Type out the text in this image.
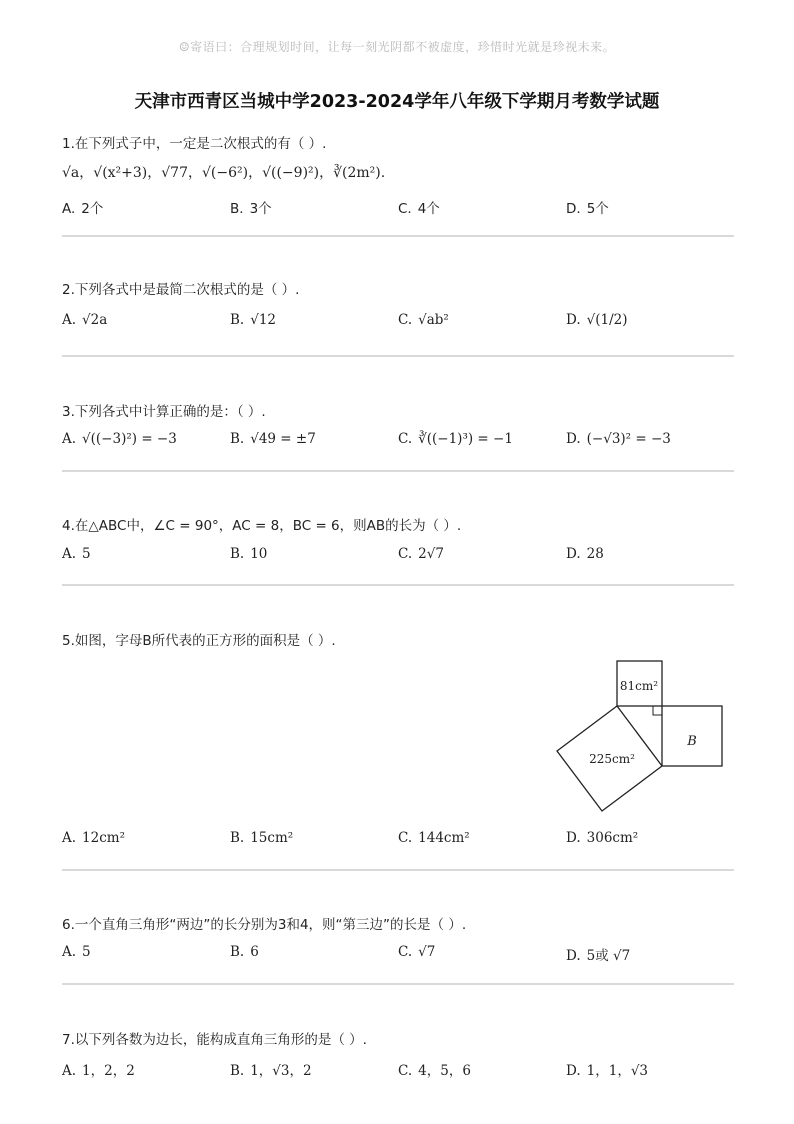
☺寄语曰：合理规划时间，让每一刻光阴都不被虚度，珍惜时光就是珍视未来。
天津市西青区当城中学2023-2024学年八年级下学期月考数学试题
1.在下列式子中，一定是二次根式的有（ ）.
√a，√(x²+3)，√77，√(−6²)，√((−9)²)，∛(2m²).
A. 2个	B. 3个	C. 4个	D. 5个
2.下列各式中是最简二次根式的是（ ）.
A. √2a	B. √12	C. √ab²	D. √(1/2)
3.下列各式中计算正确的是：（ ）.
A. √((−3)²) = −3	B. √49 = ±7	C. ∛((−1)³) = −1	D. (−√3)² = −3
4.在△ABC中，∠C = 90°，AC = 8，BC = 6，则AB的长为（ ）.
A. 5	B. 10	C. 2√7	D. 28
5.如图，字母B所代表的正方形的面积是（ ）.
81cm²
225cm²
B
A. 12cm²	B. 15cm²	C. 144cm²	D. 306cm²
6.一个直角三角形“两边”的长分别为3和4，则“第三边”的长是（ ）.
A. 5	B. 6	C. √7	D. 5或 √7
7.以下列各数为边长，能构成直角三角形的是（ ）.
A. 1，2，2	B. 1，√3，2	C. 4，5，6	D. 1，1，√3
